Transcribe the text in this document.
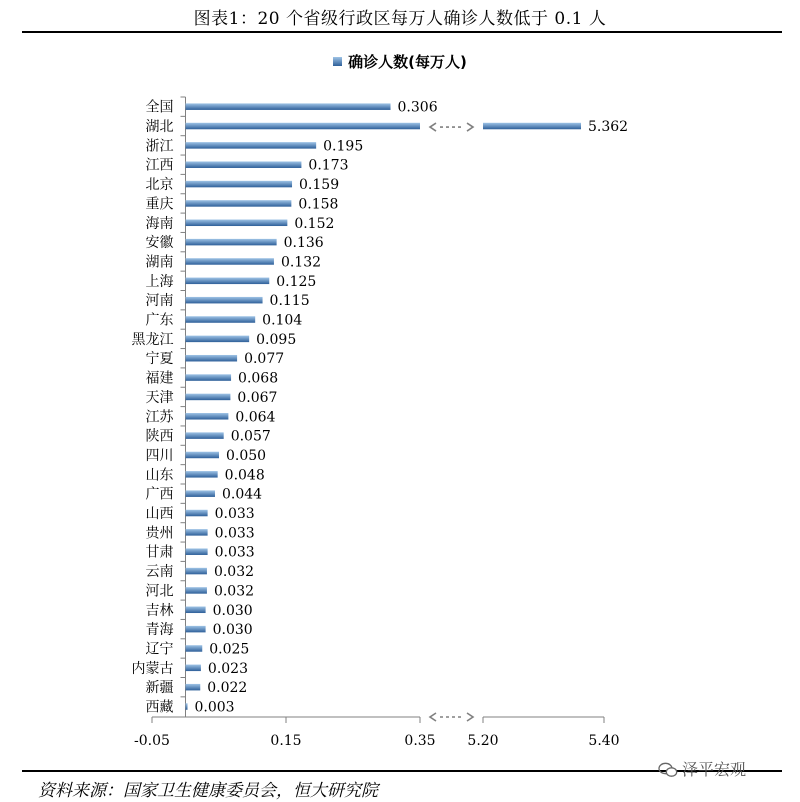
图表1：20 个省级行政区每万人确诊人数低于 0.1 人
确诊人数(每万人)
全国	0.306
湖北	5.362
浙江	0.195
江西	0.173
北京	0.159
重庆	0.158
海南	0.152
安徽	0.136
湖南	0.132
上海	0.125
河南	0.115
广东	0.104
黑龙江	0.095
宁夏	0.077
福建	0.068
天津	0.067
江苏	0.064
陕西	0.057
四川	0.050
山东	0.048
广西	0.044
山西	0.033
贵州	0.033
甘肃	0.033
云南	0.032
河北	0.032
吉林	0.030
青海	0.030
辽宁	0.025
内蒙古 0.023
新疆 0.022
西藏 0.003
-0.05	0.15	0.35 5.20	5.40
资料来源：国家卫生健康委员会，恒大研究院
泽平宏观
